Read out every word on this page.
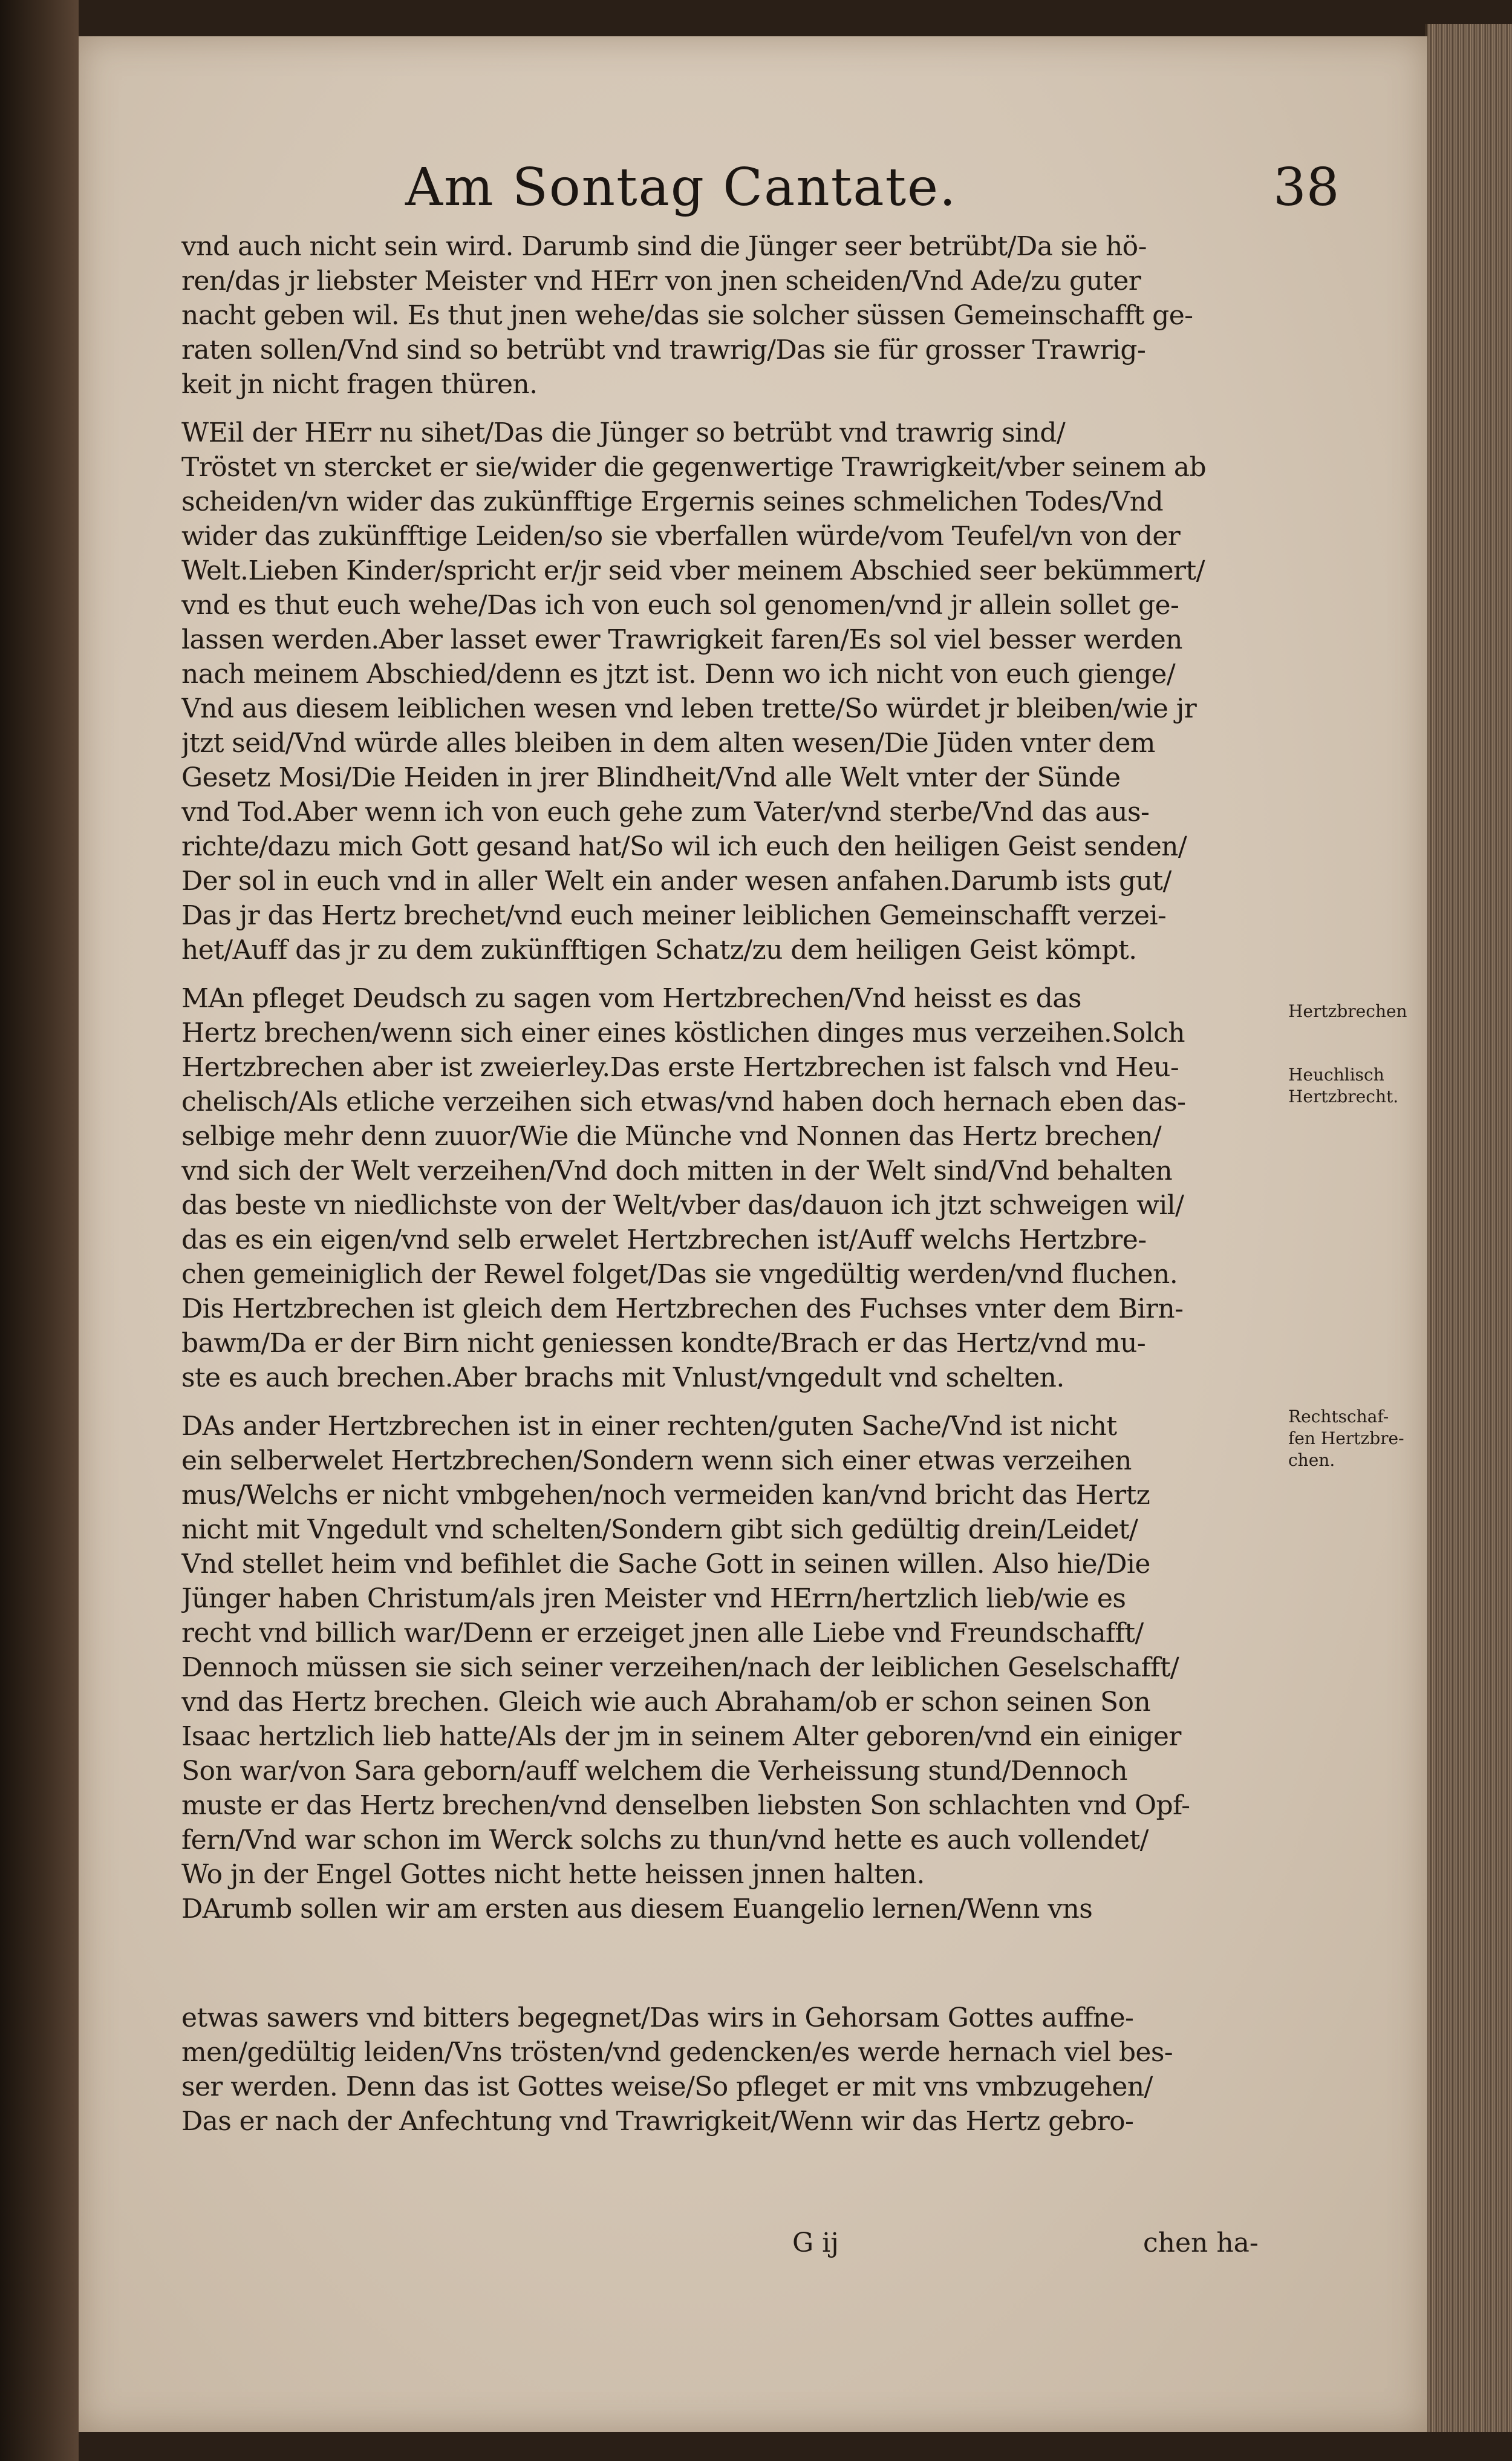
Am Sontag Cantate.	38
vnd auch nicht sein wird. Darumb sind die Jünger seer betrübt/Da sie hö-
ren/das jr liebster Meister vnd HErr von jnen scheiden/Vnd Ade/zu guter
nacht geben wil. Es thut jnen wehe/das sie solcher süssen Gemeinschafft ge-
raten sollen/Vnd sind so betrübt vnd trawrig/Das sie für grosser Trawrig-
keit jn nicht fragen thüren.
WEil der HErr nu sihet/Das die Jünger so betrübt vnd trawrig sind/
Tröstet vn stercket er sie/wider die gegenwertige Trawrigkeit/vber seinem ab
scheiden/vn wider das zukünfftige Ergernis seines schmelichen Todes/Vnd
wider das zukünfftige Leiden/so sie vberfallen würde/vom Teufel/vn von der
Welt.Lieben Kinder/spricht er/jr seid vber meinem Abschied seer bekümmert/
vnd es thut euch wehe/Das ich von euch sol genomen/vnd jr allein sollet ge-
lassen werden.Aber lasset ewer Trawrigkeit faren/Es sol viel besser werden
nach meinem Abschied/denn es jtzt ist. Denn wo ich nicht von euch gienge/
Vnd aus diesem leiblichen wesen vnd leben trette/So würdet jr bleiben/wie jr
jtzt seid/Vnd würde alles bleiben in dem alten wesen/Die Jüden vnter dem
Gesetz Mosi/Die Heiden in jrer Blindheit/Vnd alle Welt vnter der Sünde
vnd Tod.Aber wenn ich von euch gehe zum Vater/vnd sterbe/Vnd das aus-
richte/dazu mich Gott gesand hat/So wil ich euch den heiligen Geist senden/
Der sol in euch vnd in aller Welt ein ander wesen anfahen.Darumb ists gut/
Das jr das Hertz brechet/vnd euch meiner leiblichen Gemeinschafft verzei-
het/Auff das jr zu dem zukünfftigen Schatz/zu dem heiligen Geist kömpt.
MAn pfleget Deudsch zu sagen vom Hertzbrechen/Vnd heisst es das
Hertz brechen/wenn sich einer eines köstlichen dinges mus verzeihen.Solch
Hertzbrechen aber ist zweierley.Das erste Hertzbrechen ist falsch vnd Heu-
chelisch/Als etliche verzeihen sich etwas/vnd haben doch hernach eben das-
selbige mehr denn zuuor/Wie die Münche vnd Nonnen das Hertz brechen/
vnd sich der Welt verzeihen/Vnd doch mitten in der Welt sind/Vnd behalten
das beste vn niedlichste von der Welt/vber das/dauon ich jtzt schweigen wil/
das es ein eigen/vnd selb erwelet Hertzbrechen ist/Auff welchs Hertzbre-
chen gemeiniglich der Rewel folget/Das sie vngedültig werden/vnd fluchen.
Dis Hertzbrechen ist gleich dem Hertzbrechen des Fuchses vnter dem Birn-
bawm/Da er der Birn nicht geniessen kondte/Brach er das Hertz/vnd mu-
ste es auch brechen.Aber brachs mit Vnlust/vngedult vnd schelten.
DAs ander Hertzbrechen ist in einer rechten/guten Sache/Vnd ist nicht
ein selberwelet Hertzbrechen/Sondern wenn sich einer etwas verzeihen
mus/Welchs er nicht vmbgehen/noch vermeiden kan/vnd bricht das Hertz
nicht mit Vngedult vnd schelten/Sondern gibt sich gedültig drein/Leidet/
Vnd stellet heim vnd befihlet die Sache Gott in seinen willen. Also hie/Die
Jünger haben Christum/als jren Meister vnd HErrn/hertzlich lieb/wie es
recht vnd billich war/Denn er erzeiget jnen alle Liebe vnd Freundschafft/
Dennoch müssen sie sich seiner verzeihen/nach der leiblichen Geselschafft/
vnd das Hertz brechen. Gleich wie auch Abraham/ob er schon seinen Son
Isaac hertzlich lieb hatte/Als der jm in seinem Alter geboren/vnd ein einiger
Son war/von Sara geborn/auff welchem die Verheissung stund/Dennoch
muste er das Hertz brechen/vnd denselben liebsten Son schlachten vnd Opf-
fern/Vnd war schon im Werck solchs zu thun/vnd hette es auch vollendet/
Wo jn der Engel Gottes nicht hette heissen jnnen halten.
DArumb sollen wir am ersten aus diesem Euangelio lernen/Wenn vns
etwas sawers vnd bitters begegnet/Das wirs in Gehorsam Gottes auffne-
men/gedültig leiden/Vns trösten/vnd gedencken/es werde hernach viel bes-
ser werden. Denn das ist Gottes weise/So pfleget er mit vns vmbzugehen/
Das er nach der Anfechtung vnd Trawrigkeit/Wenn wir das Hertz gebro-
Hertzbrechen
Heuchlisch
Hertzbrecht.
Rechtschaf-
fen Hertzbre-
chen.
G ij	chen ha-
